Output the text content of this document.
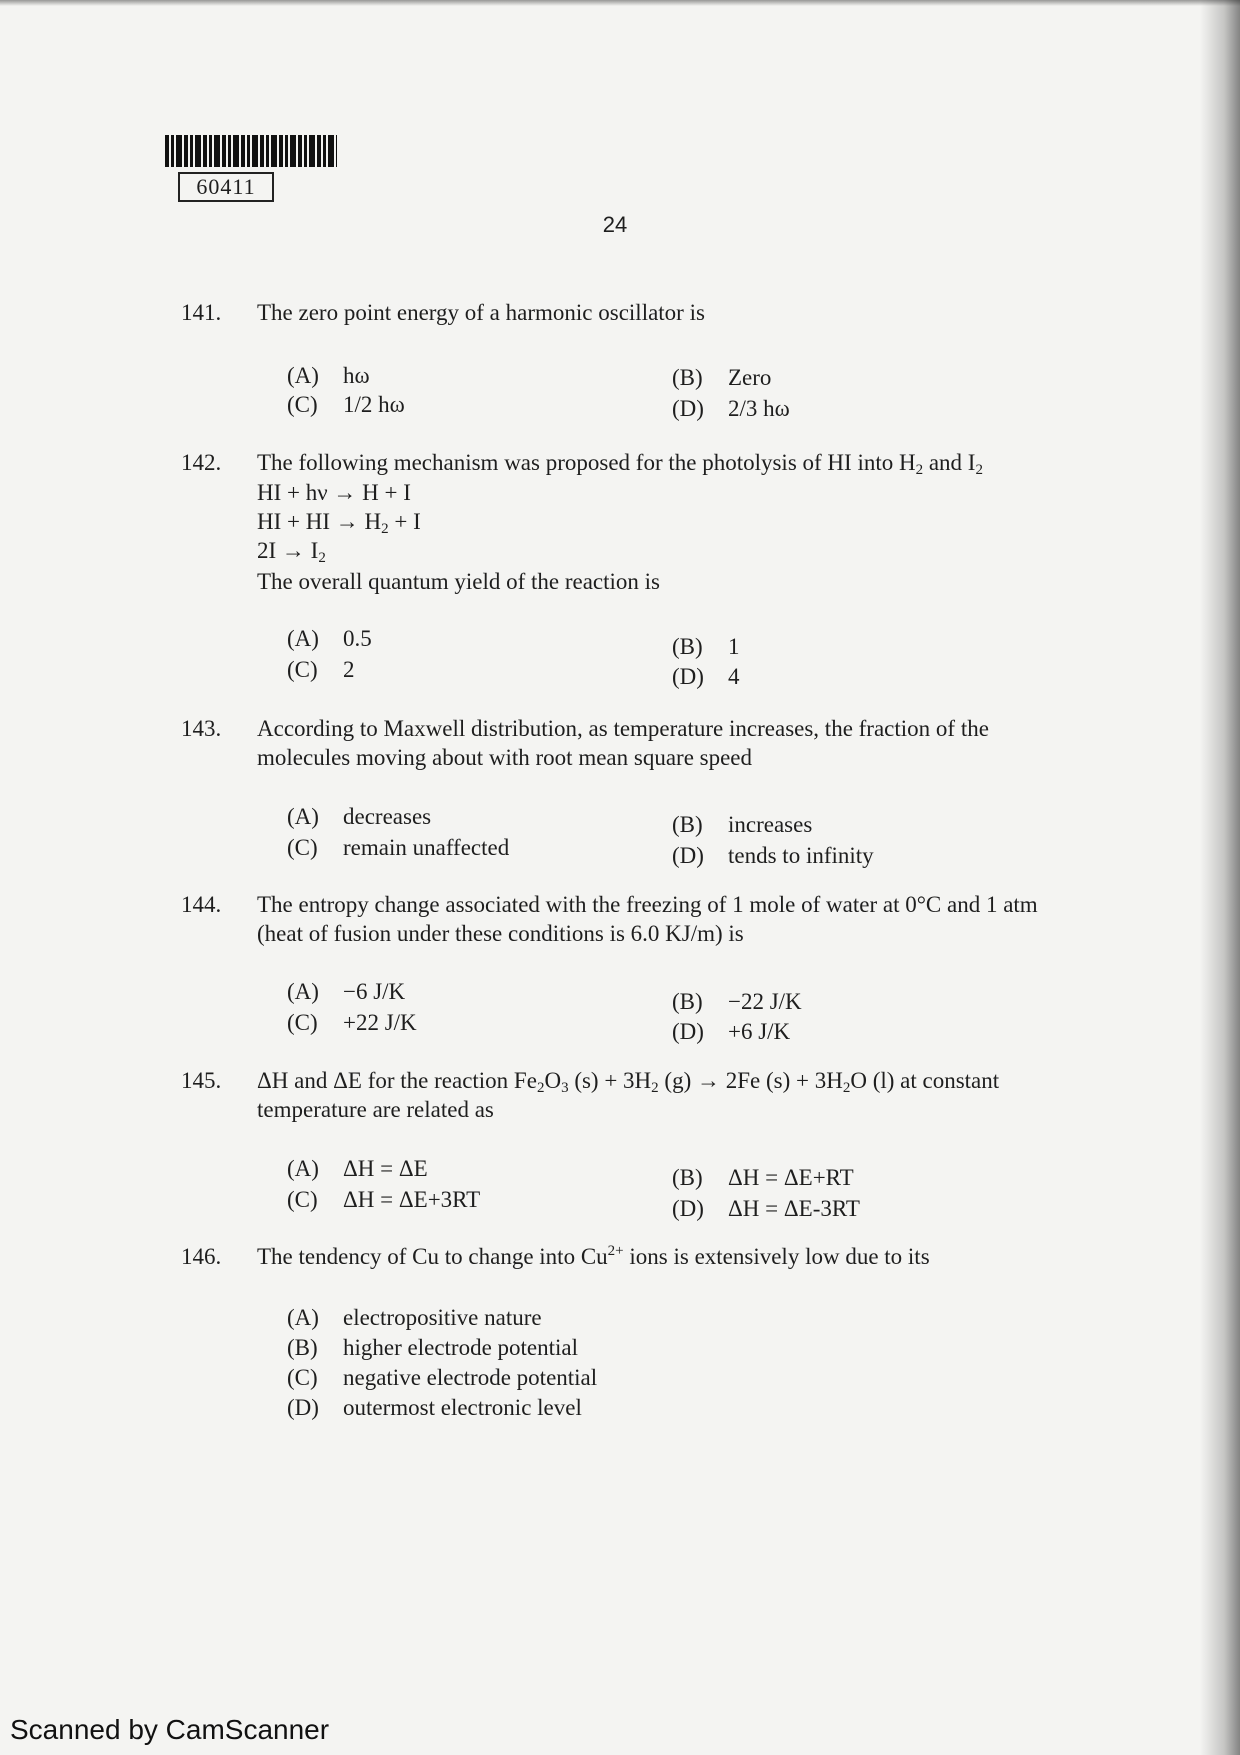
60411
24
141. The zero point energy of a harmonic oscillator is
(A) hω	(B) Zero
(C) 1/2 hω	(D) 2/3 hω
142. The following mechanism was proposed for the photolysis of HI into $H_2$ and $I_2$
HI + hν → H + I
HI + HI → $H_2 + I$
$2I \to I_2$
The overall quantum yield of the reaction is
(A) 0.5	(B) 1
(C) 2	(D) 4
143. According to Maxwell distribution, as temperature increases, the fraction of the molecules moving about with root mean square speed
(A) decreases	(B) increases
(C) remain unaffected	(D) tends to infinity
144. The entropy change associated with the freezing of 1 mole of water at 0°C and 1 atm (heat of fusion under these conditions is 6.0 KJ/m) is
(A) −6 J/K	(B) −22 J/K
(C) +22 J/K	(D) +6 J/K
145. ΔH and ΔE for the reaction $Fe_2O_3$ $(s) + 3H_2$ (g) → 2Fe $(s) + 3H_2O$ (l) at constant temperature are related as
(A) ΔH = ΔE	(B) ΔH = ΔE+RT
(C) ΔH = ΔE+3RT	(D) ΔH = ΔE-3RT
146. The tendency of Cu to change into $Cu^{2+}$ ions is extensively low due to its
(A) electropositive nature
(B) higher electrode potential
(C) negative electrode potential
(D) outermost electronic level
Scanned by CamScanner
